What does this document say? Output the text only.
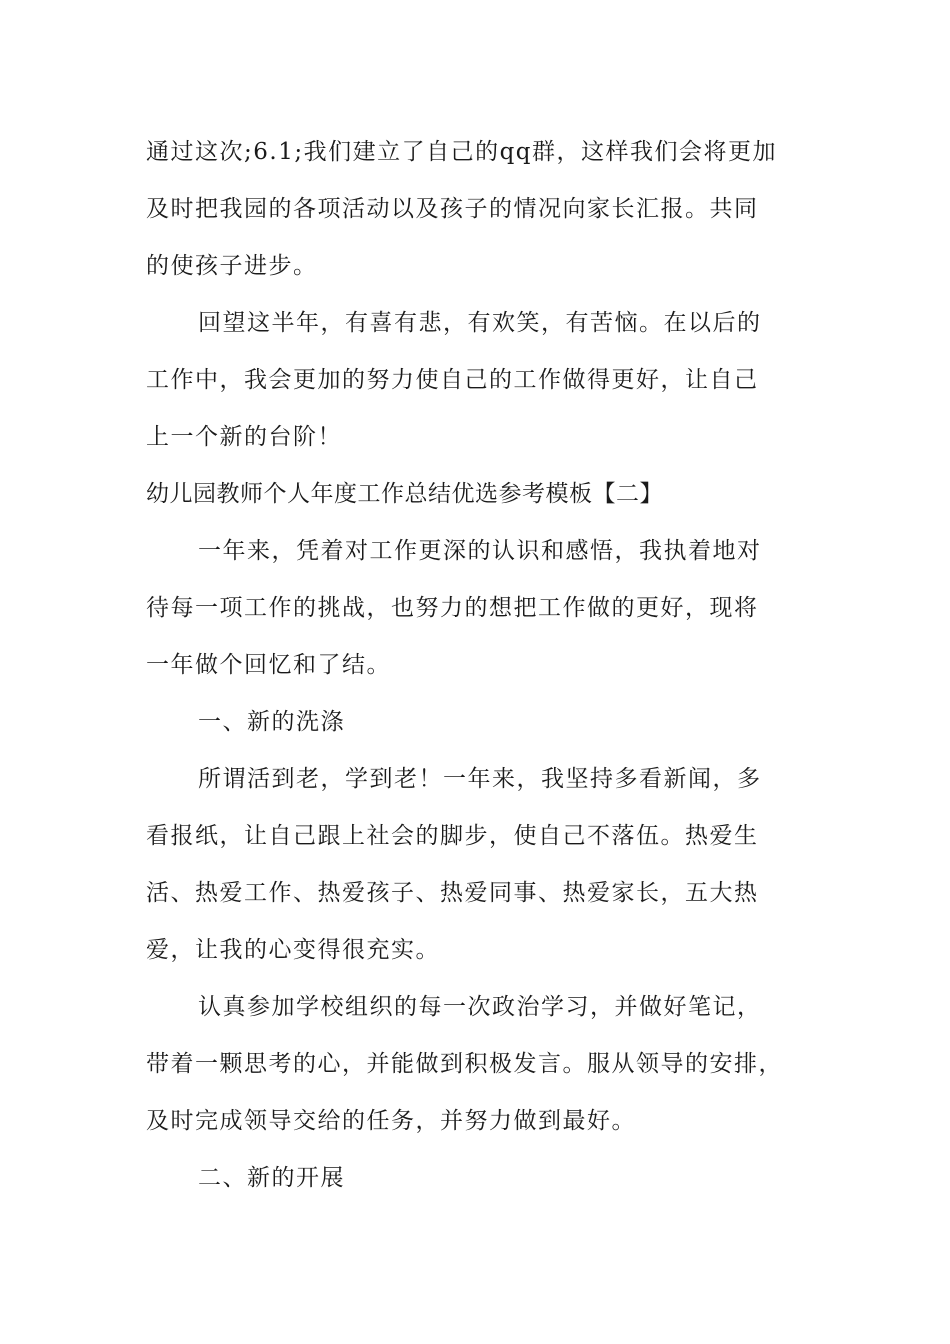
通过这次;6.1;我们建立了自己的qq群，这样我们会将更加
及时把我园的各项活动以及孩子的情况向家长汇报。共同
的使孩子进步。
回望这半年，有喜有悲，有欢笑，有苦恼。在以后的
工作中，我会更加的努力使自己的工作做得更好，让自己
上一个新的台阶！
幼儿园教师个人年度工作总结优选参考模板【二】
一年来，凭着对工作更深的认识和感悟，我执着地对
待每一项工作的挑战，也努力的想把工作做的更好，现将
一年做个回忆和了结。
一、新的洗涤
所谓活到老，学到老！一年来，我坚持多看新闻，多
看报纸，让自己跟上社会的脚步，使自己不落伍。热爱生
活、热爱工作、热爱孩子、热爱同事、热爱家长，五大热
爱，让我的心变得很充实。
认真参加学校组织的每一次政治学习，并做好笔记，
带着一颗思考的心，并能做到积极发言。服从领导的安排，
及时完成领导交给的任务，并努力做到最好。
二、新的开展
